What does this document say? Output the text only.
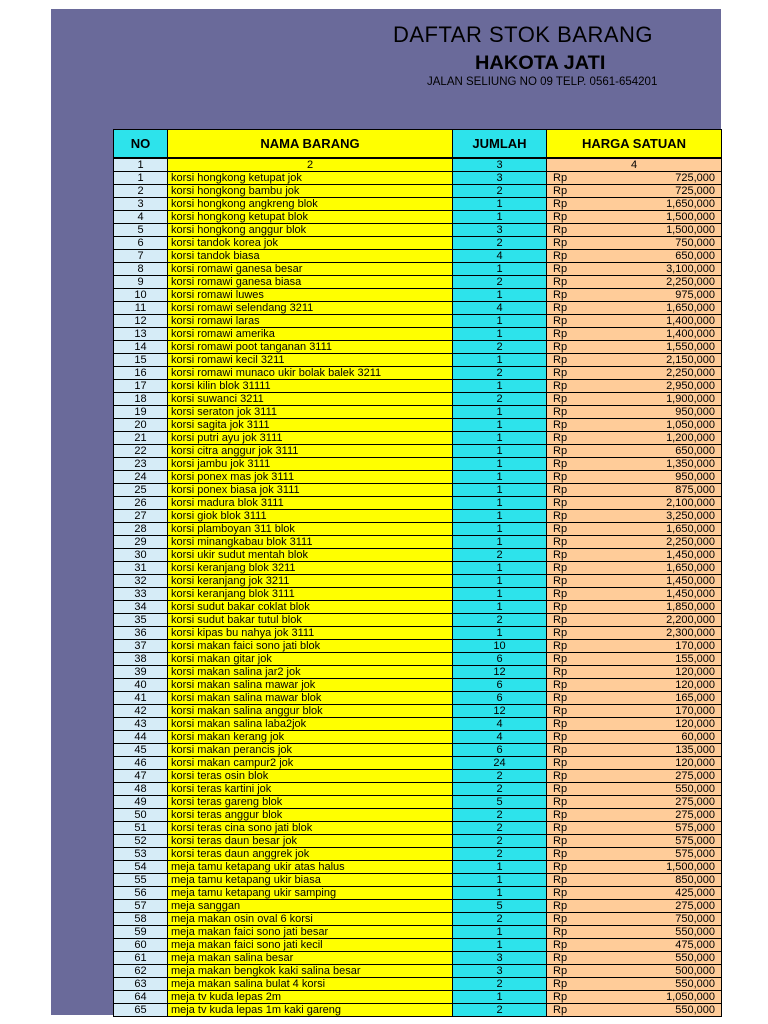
DAFTAR STOK BARANG
HAKOTA JATI
JALAN SELIUNG NO 09 TELP. 0561-654201
NO	NAMA BARANG	JUMLAH	HARGA SATUAN
1	2	3	4	
1	korsi hongkong ketupat jok	3	Rp	725,000
2	korsi hongkong bambu jok	2	Rp	725,000
3	korsi hongkong angkreng blok	1	Rp	1,650,000
4	korsi hongkong ketupat blok	1	Rp	1,500,000
5	korsi hongkong anggur blok	3	Rp	1,500,000
6	korsi tandok korea jok	2	Rp	750,000
7	korsi tandok biasa	4	Rp	650,000
8	korsi romawi ganesa besar	1	Rp	3,100,000
9	korsi romawi ganesa biasa	2	Rp	2,250,000
10	korsi romawi luwes	1	Rp	975,000
11	korsi romawi selendang 3211	4	Rp	1,650,000
12	korsi romawi laras	1	Rp	1,400,000
13	korsi romawi amerika	1	Rp	1,400,000
14	korsi romawi poot tanganan 3111	2	Rp	1,550,000
15	korsi romawi kecil 3211	1	Rp	2,150,000
16	korsi romawi munaco ukir bolak balek 3211	2	Rp	2,250,000
17	korsi kilin blok 31111	1	Rp	2,950,000
18	korsi suwanci 3211	2	Rp	1,900,000
19	korsi seraton jok 3111	1	Rp	950,000
20	korsi sagita jok 3111	1	Rp	1,050,000
21	korsi putri ayu jok 3111	1	Rp	1,200,000
22	korsi citra anggur jok 3111	1	Rp	650,000
23	korsi jambu jok 3111	1	Rp	1,350,000
24	korsi ponex mas jok 3111	1	Rp	950,000
25	korsi ponex biasa jok 3111	1	Rp	875,000
26	korsi madura blok 3111	1	Rp	2,100,000
27	korsi giok blok 3111	1	Rp	3,250,000
28	korsi plamboyan 311 blok	1	Rp	1,650,000
29	korsi minangkabau blok 3111	1	Rp	2,250,000
30	korsi ukir sudut mentah blok	2	Rp	1,450,000
31	korsi keranjang blok 3211	1	Rp	1,650,000
32	korsi keranjang jok 3211	1	Rp	1,450,000
33	korsi keranjang blok 3111	1	Rp	1,450,000
34	korsi sudut bakar coklat blok	1	Rp	1,850,000
35	korsi sudut bakar tutul blok	2	Rp	2,200,000
36	korsi kipas bu nahya jok 3111	1	Rp	2,300,000
37	korsi makan faici sono jati blok	10	Rp	170,000
38	korsi makan gitar jok	6	Rp	155,000
39	korsi makan salina jar2 jok	12	Rp	120,000
40	korsi makan salina mawar jok	6	Rp	120,000
41	korsi makan salina mawar blok	6	Rp	165,000
42	korsi makan salina anggur blok	12	Rp	170,000
43	korsi makan salina laba2jok	4	Rp	120,000
44	korsi makan kerang jok	4	Rp	60,000
45	korsi makan perancis jok	6	Rp	135,000
46	korsi makan campur2 jok	24	Rp	120,000
47	korsi teras osin blok	2	Rp	275,000
48	korsi teras kartini jok	2	Rp	550,000
49	korsi teras gareng blok	5	Rp	275,000
50	korsi teras anggur blok	2	Rp	275,000
51	korsi teras cina sono jati blok	2	Rp	575,000
52	korsi teras daun besar jok	2	Rp	575,000
53	korsi teras daun anggrek jok	2	Rp	575,000
54	meja tamu ketapang ukir atas halus	1	Rp	1,500,000
55	meja tamu ketapang ukir biasa	1	Rp	850,000
56	meja tamu ketapang ukir samping	1	Rp	425,000
57	meja sanggan	5	Rp	275,000
58	meja makan osin oval 6 korsi	2	Rp	750,000
59	meja makan faici sono jati besar	1	Rp	550,000
60	meja makan faici sono jati kecil	1	Rp	475,000
61	meja makan salina besar	3	Rp	550,000
62	meja makan bengkok kaki salina besar	3	Rp	500,000
63	meja makan salina bulat 4 korsi	2	Rp	550,000
64	meja tv kuda lepas 2m	1	Rp	1,050,000
65	meja tv kuda lepas 1m kaki gareng	2	Rp	550,000
